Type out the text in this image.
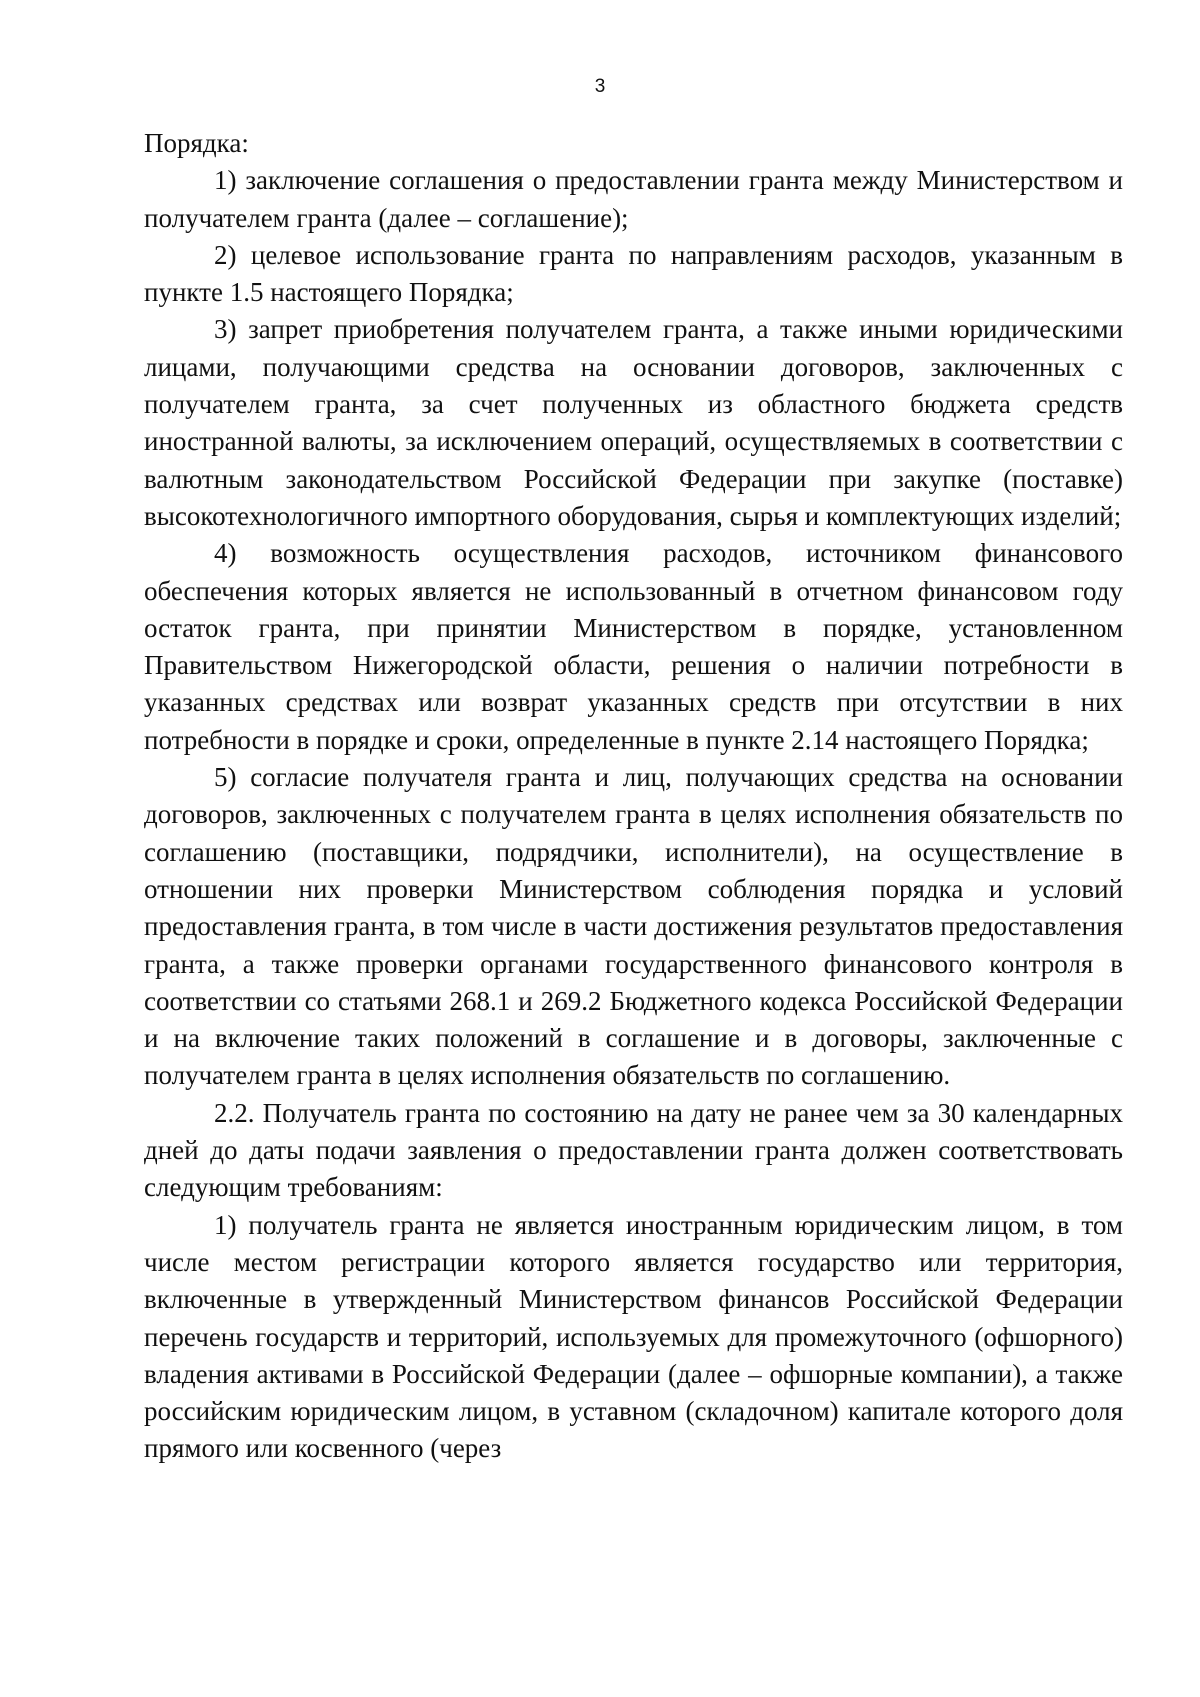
3

Порядка:

1) заключение соглашения о предоставлении гранта между Министерством и получателем гранта (далее – соглашение);

2) целевое использование гранта по направлениям расходов, указанным в пункте 1.5 настоящего Порядка;

3) запрет приобретения получателем гранта, а также иными юридическими лицами, получающими средства на основании договоров, заключенных с получателем гранта, за счет полученных из областного бюджета средств иностранной валюты, за исключением операций, осуществляемых в соответствии с валютным законодательством Российской Федерации при закупке (поставке) высокотехнологичного импортного оборудования, сырья и комплектующих изделий;

4) возможность осуществления расходов, источником финансового обеспечения которых является не использованный в отчетном финансовом году остаток гранта, при принятии Министерством в порядке, установленном Правительством Нижегородской области, решения о наличии потребности в указанных средствах или возврат указанных средств при отсутствии в них потребности в порядке и сроки, определенные в пункте 2.14 настоящего Порядка;

5) согласие получателя гранта и лиц, получающих средства на основании договоров, заключенных с получателем гранта в целях исполнения обязательств по соглашению (поставщики, подрядчики, исполнители), на осуществление в отношении них проверки Министерством соблюдения порядка и условий предоставления гранта, в том числе в части достижения результатов предоставления гранта, а также проверки органами государственного финансового контроля в соответствии со статьями 268.1 и 269.2 Бюджетного кодекса Российской Федерации и на включение таких положений в соглашение и в договоры, заключенные с получателем гранта в целях исполнения обязательств по соглашению.

2.2. Получатель гранта по состоянию на дату не ранее чем за 30 календарных дней до даты подачи заявления о предоставлении гранта должен соответствовать следующим требованиям:

1) получатель гранта не является иностранным юридическим лицом, в том числе местом регистрации которого является государство или территория, включенные в утвержденный Министерством финансов Российской Федерации перечень государств и территорий, используемых для промежуточного (офшорного) владения активами в Российской Федерации (далее – офшорные компании), а также российским юридическим лицом, в уставном (складочном) капитале которого доля прямого или косвенного (через
